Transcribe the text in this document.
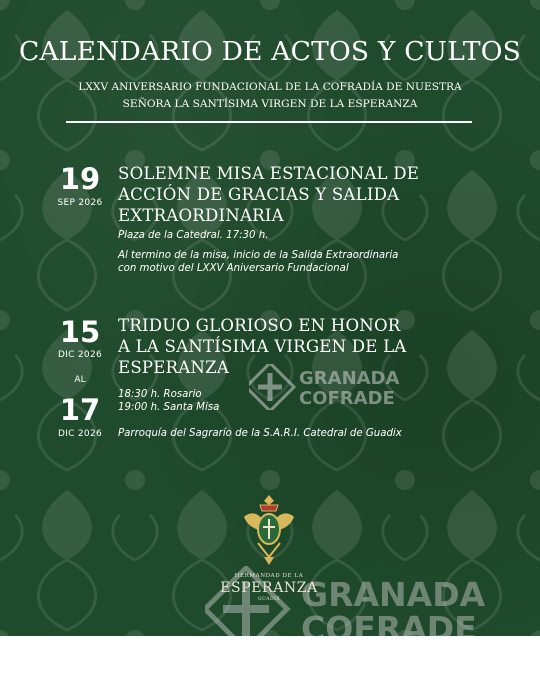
CALENDARIO DE ACTOS Y CULTOS
LXXV ANIVERSARIO FUNDACIONAL DE LA COFRADÍA DE NUESTRA
SEÑORA LA SANTÍSIMA VIRGEN DE LA ESPERANZA
19
SEP 2026
SOLEMNE MISA ESTACIONAL DE
ACCIÓN DE GRACIAS Y SALIDA
EXTRAORDINARIA
Plaza de la Catedral. 17:30 h.
Al termino de la misa, inicio de la Salida Extraordinaria
con motivo del LXXV Aniversario Fundacional
15
DIC 2026
AL
17
DIC 2026
TRIDUO GLORIOSO EN HONOR
A LA SANTÍSIMA VIRGEN DE LA
ESPERANZA
18:30 h. Rosario
19:00 h. Santa Misa
Parroquía del Sagrarío de la S.A.R.I. Catedral de Guadix
GRANADA
COFRADE
GRANADA
COFRADE
HERMANDAD DE LA
ESPERANZA
GUADIX
